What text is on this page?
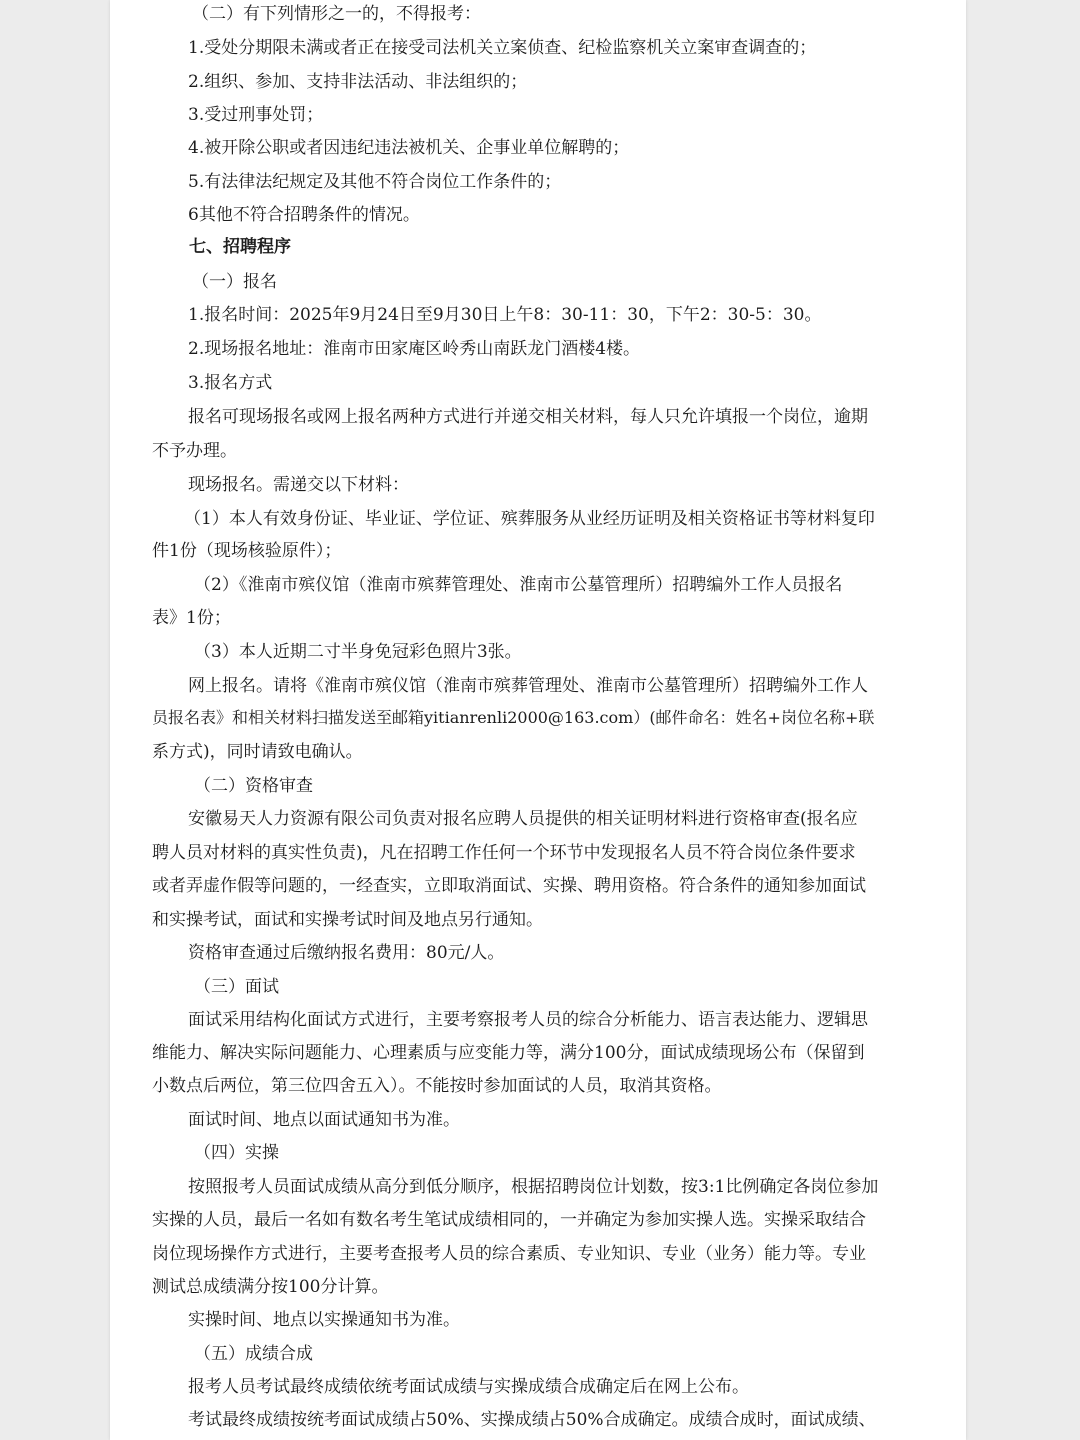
（二）有下列情形之一的，不得报考：
1.受处分期限未满或者正在接受司法机关立案侦查、纪检监察机关立案审查调查的；
2.组织、参加、支持非法活动、非法组织的；
3.受过刑事处罚；
4.被开除公职或者因违纪违法被机关、企事业单位解聘的；
5.有法律法纪规定及其他不符合岗位工作条件的；
6其他不符合招聘条件的情况。
七、招聘程序
（一）报名
1.报名时间：2025年9月24日至9月30日上午8：30-11：30，下午2：30-5：30。
2.现场报名地址：淮南市田家庵区岭秀山南跃龙门酒楼4楼。
3.报名方式
报名可现场报名或网上报名两种方式进行并递交相关材料，每人只允许填报一个岗位，逾期
不予办理。
现场报名。需递交以下材料：
（1）本人有效身份证、毕业证、学位证、殡葬服务从业经历证明及相关资格证书等材料复印
件1份（现场核验原件）；
（2）《淮南市殡仪馆（淮南市殡葬管理处、淮南市公墓管理所）招聘编外工作人员报名
表》1份；
（3）本人近期二寸半身免冠彩色照片3张。
网上报名。请将《淮南市殡仪馆（淮南市殡葬管理处、淮南市公墓管理所）招聘编外工作人
员报名表》和相关材料扫描发送至邮箱yitianrenli2000@163.com）(邮件命名：姓名+岗位名称+联
系方式)，同时请致电确认。
（二）资格审查
安徽易天人力资源有限公司负责对报名应聘人员提供的相关证明材料进行资格审查(报名应
聘人员对材料的真实性负责)，凡在招聘工作任何一个环节中发现报名人员不符合岗位条件要求
或者弄虚作假等问题的，一经查实，立即取消面试、实操、聘用资格。符合条件的通知参加面试
和实操考试，面试和实操考试时间及地点另行通知。
资格审查通过后缴纳报名费用：80元/人。
（三）面试
面试采用结构化面试方式进行，主要考察报考人员的综合分析能力、语言表达能力、逻辑思
维能力、解决实际问题能力、心理素质与应变能力等，满分100分，面试成绩现场公布（保留到
小数点后两位，第三位四舍五入）。不能按时参加面试的人员，取消其资格。
面试时间、地点以面试通知书为准。
（四）实操
按照报考人员面试成绩从高分到低分顺序，根据招聘岗位计划数，按3:1比例确定各岗位参加
实操的人员，最后一名如有数名考生笔试成绩相同的，一并确定为参加实操人选。实操采取结合
岗位现场操作方式进行，主要考查报考人员的综合素质、专业知识、专业（业务）能力等。专业
测试总成绩满分按100分计算。
实操时间、地点以实操通知书为准。
（五）成绩合成
报考人员考试最终成绩依统考面试成绩与实操成绩合成确定后在网上公布。
考试最终成绩按统考面试成绩占50%、实操成绩占50%合成确定。成绩合成时，面试成绩、
